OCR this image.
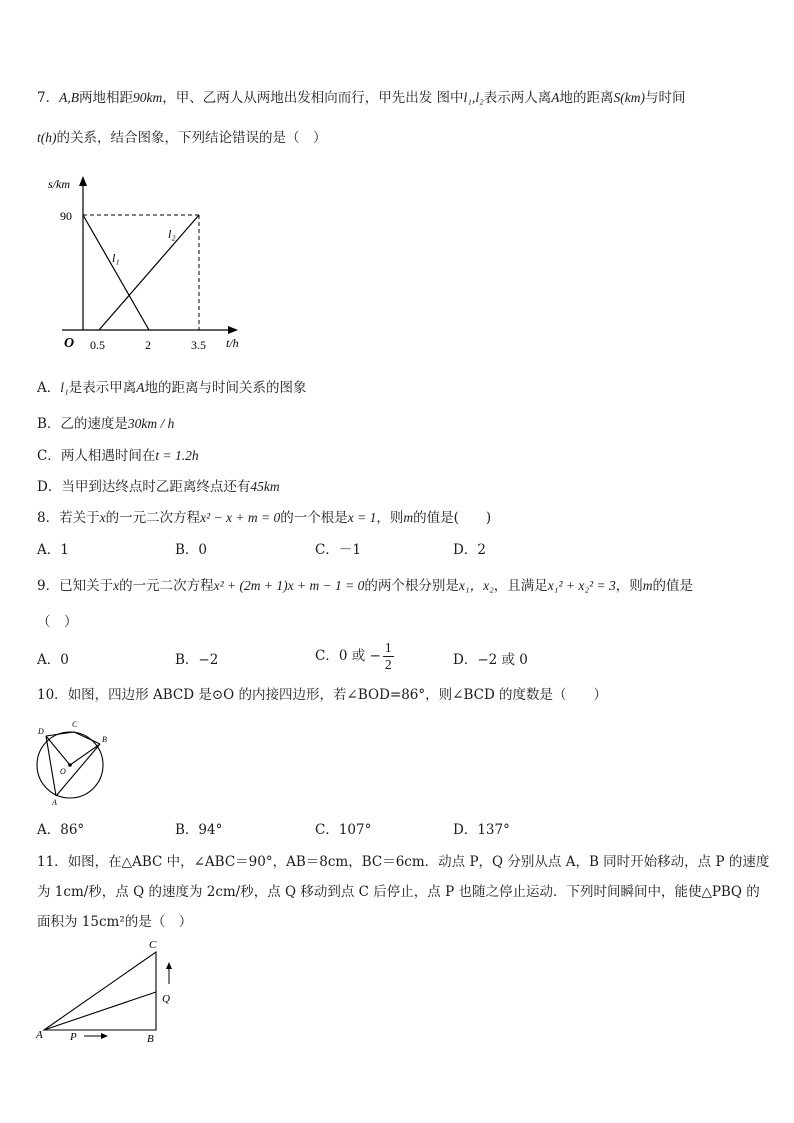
7．A,B两地相距90km，甲、乙两人从两地出发相向而行，甲先出发 图中l₁,l₂表示两人离A地的距离S(km)与时间
t(h)的关系，结合图象，下列结论错误的是（　）
s/km
90
O 0.5	2	3.5 t/h
l₁
l₂
A．l₁是表示甲离A地的距离与时间关系的图象
B．乙的速度是30km / h
C．两人相遇时间在t = 1.2h
D．当甲到达终点时乙距离终点还有45km
8．若关于x的一元二次方程x² − x + m = 0的一个根是x = 1，则m的值是(　　)
A．1	B．0	C．－1	D．2
9．已知关于x的一元二次方程x² + (2m + 1)x + m − 1 = 0的两个根分别是x₁，x₂，且满足x₁² + x₂² = 3，则m的值是
（　）
A．0	B．−2	C．0 或 − $\frac{1}{2}$	D．−2 或 0
10．如图，四边形 ABCD 是⊙O 的内接四边形，若∠BOD=86°，则∠BCD 的度数是（　　）
D
C
B
O
A
A．86°	B．94°	C．107°	D．137°
11．如图，在△ABC 中，∠ABC＝90°，AB＝8cm，BC＝6cm．动点 P，Q 分别从点 A，B 同时开始移动，点 P 的速度
为 1cm/秒，点 Q 的速度为 2cm/秒，点 Q 移动到点 C 后停止，点 P 也随之停止运动．下列时间瞬间中，能使△PBQ 的
面积为 15cm²的是（　）
C
Q
A P	B
